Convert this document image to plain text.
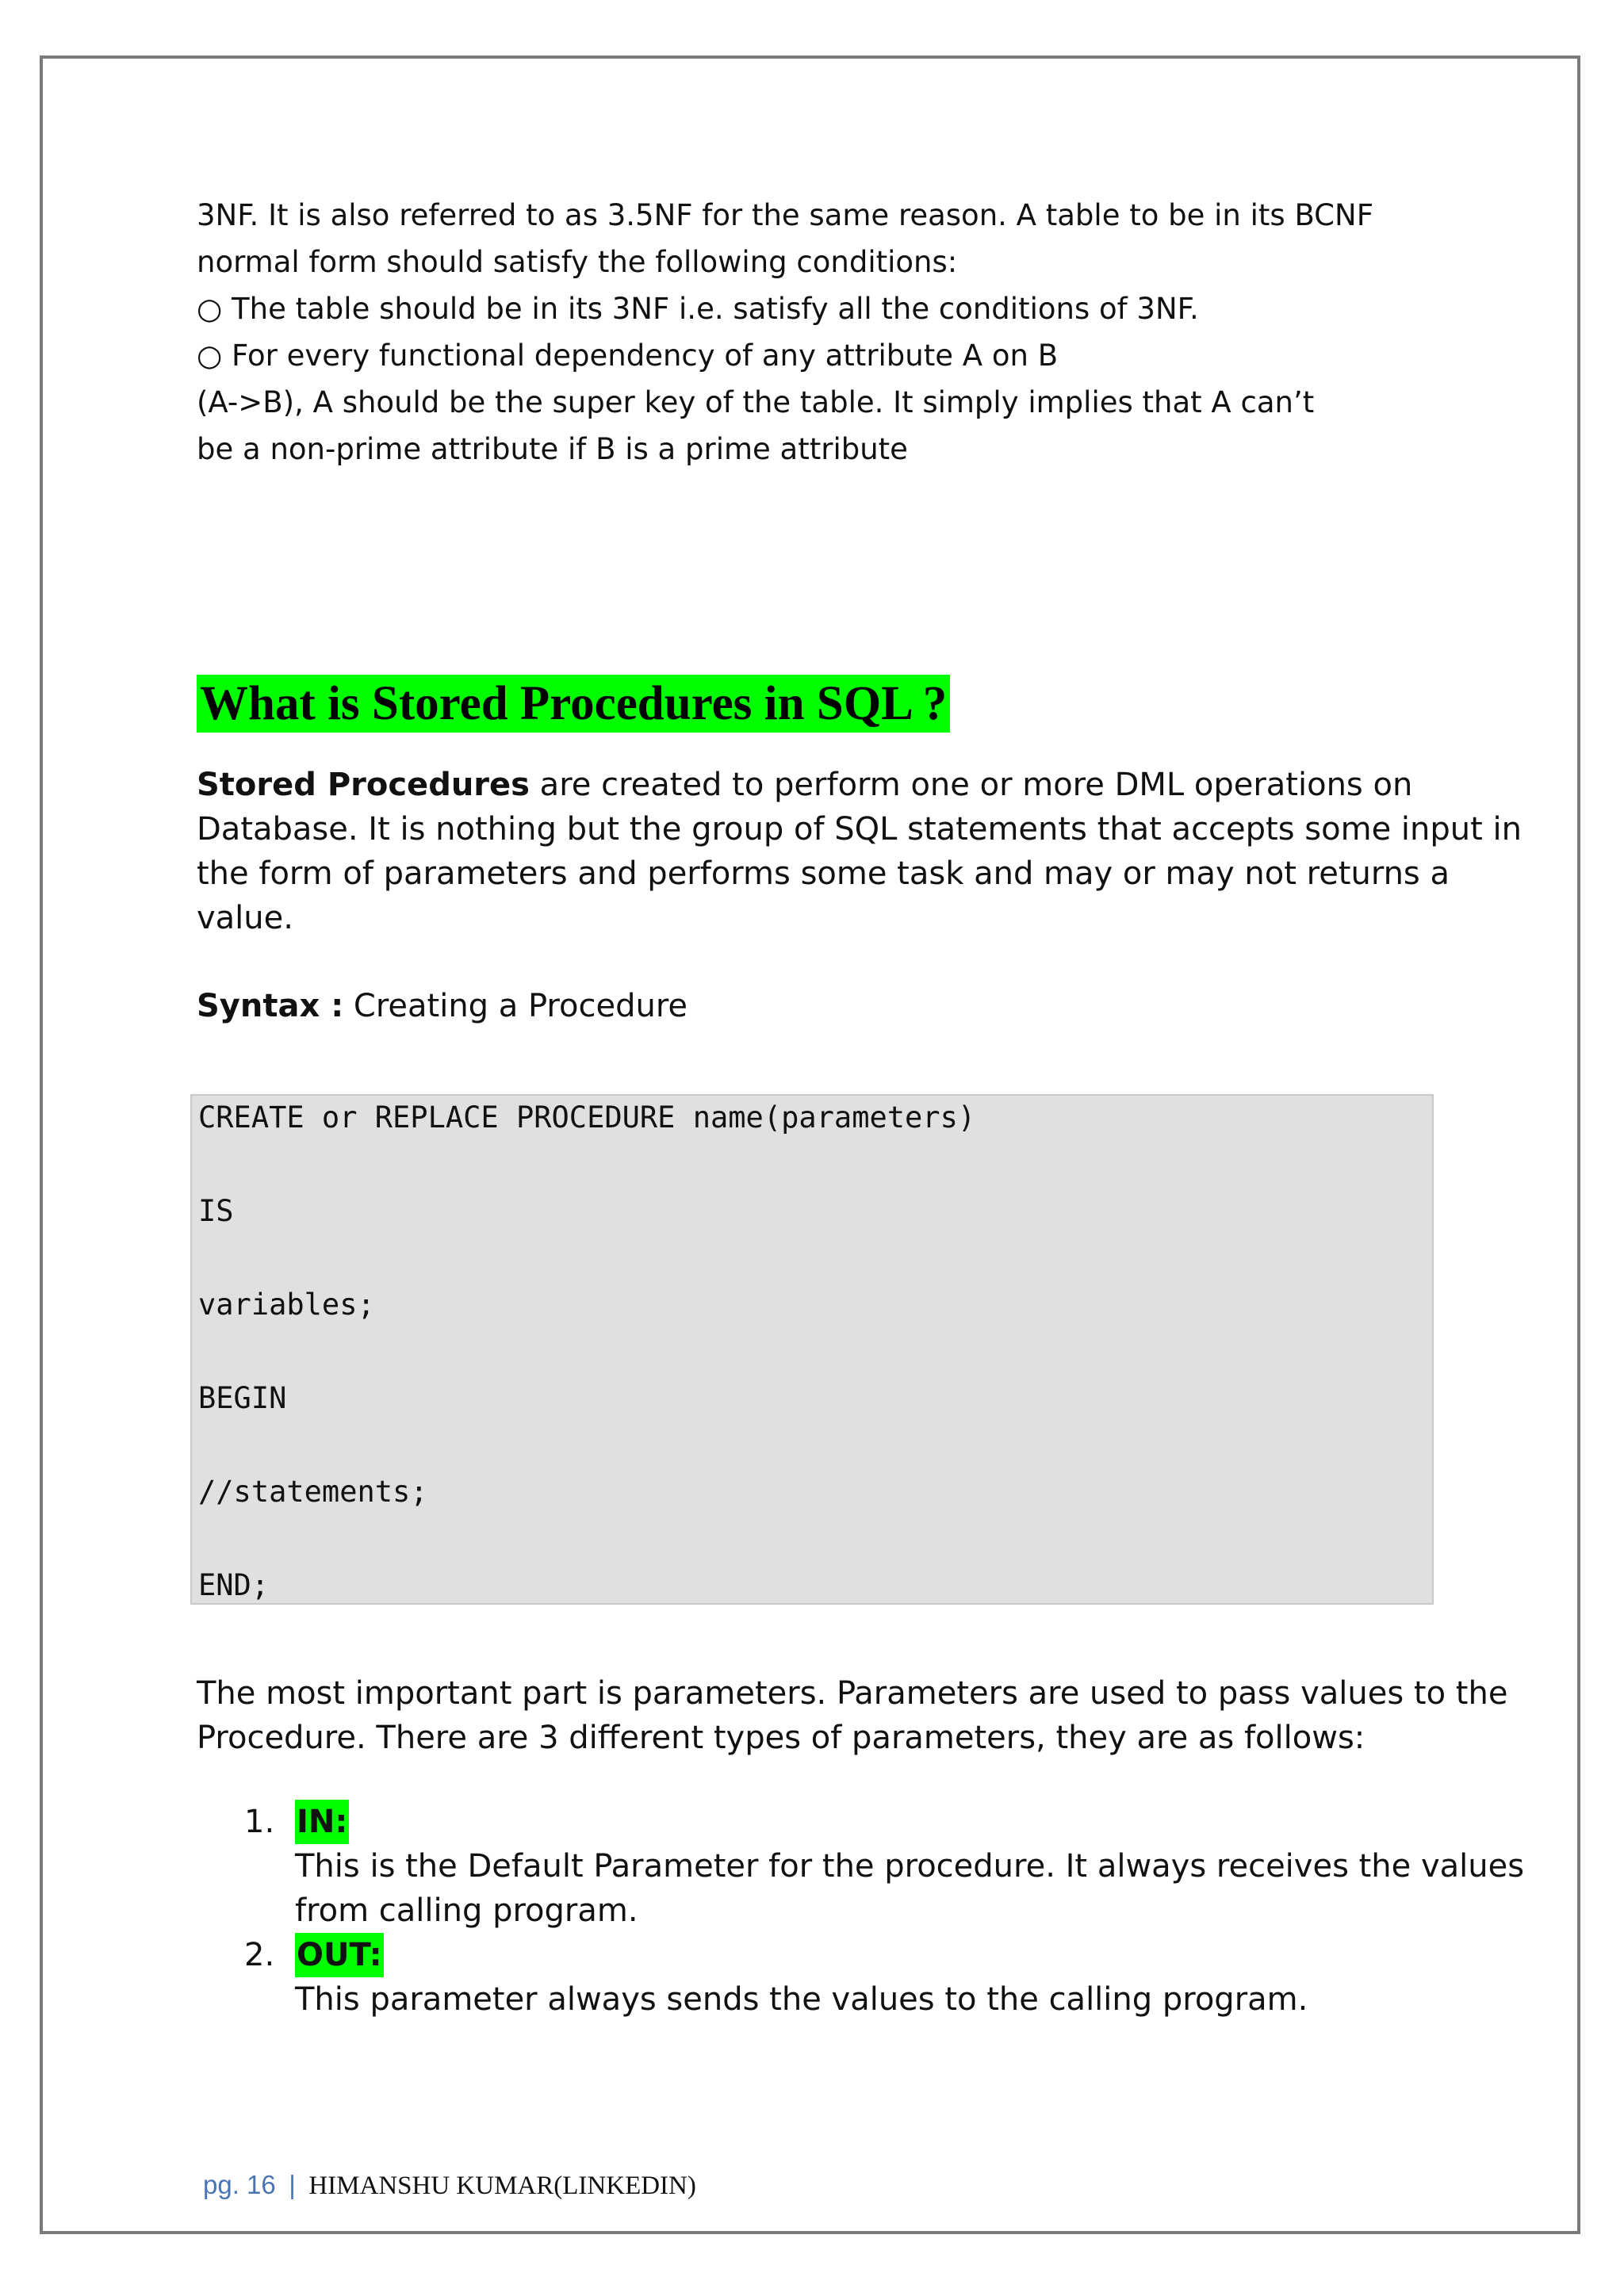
3NF. It is also referred to as 3.5NF for the same reason. A table to be in its BCNF

normal form should satisfy the following conditions:

○ The table should be in its 3NF i.e. satisfy all the conditions of 3NF.

○ For every functional dependency of any attribute A on B

(A->B), A should be the super key of the table. It simply implies that A can’t

be a non-prime attribute if B is a prime attribute

What is Stored Procedures in SQL ?

Stored Procedures are created to perform one or more DML operations on

Database. It is nothing but the group of SQL statements that accepts some input in

the form of parameters and performs some task and may or may not returns a

value.

Syntax : Creating a Procedure

CREATE or REPLACE PROCEDURE name(parameters)
IS
variables;
BEGIN
//statements;
END;

The most important part is parameters. Parameters are used to pass values to the

Procedure. There are 3 different types of parameters, they are as follows:

1. IN:

This is the Default Parameter for the procedure. It always receives the values

from calling program.

2. OUT:

This parameter always sends the values to the calling program.

pg. 16 | HIMANSHU KUMAR(LINKEDIN)
